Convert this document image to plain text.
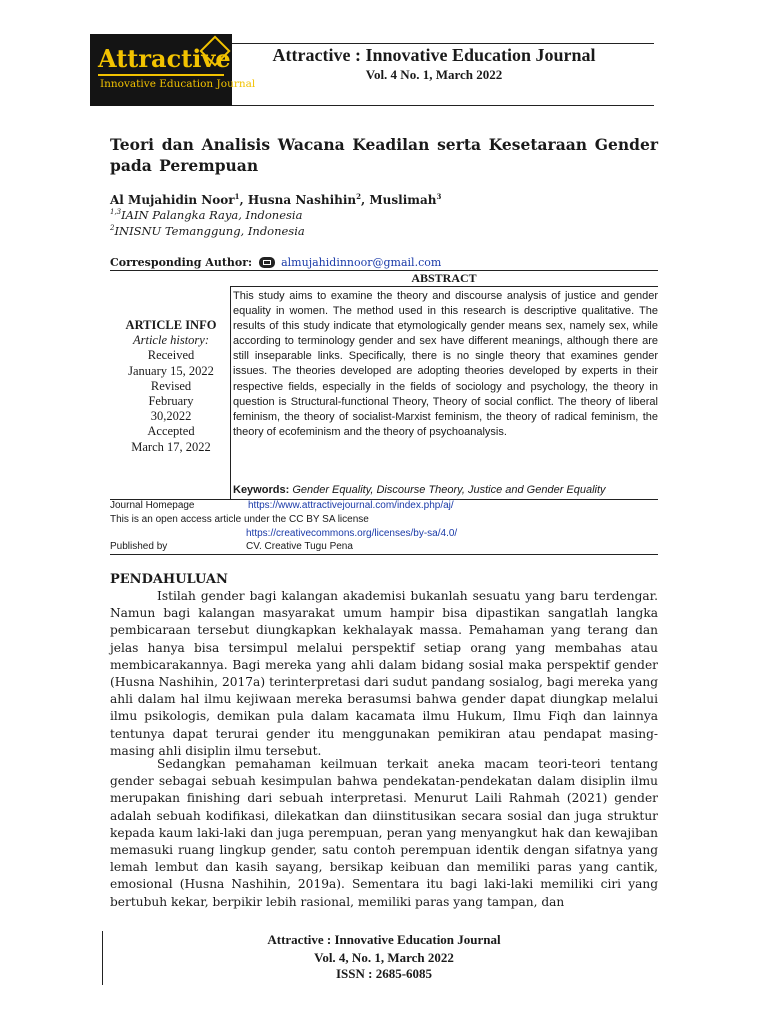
Attractive
Innovative Education Journal
Attractive : Innovative Education Journal
Vol. 4 No. 1, March 2022
Teori dan Analisis Wacana Keadilan serta Kesetaraan Gender pada Perempuan
Al Mujahidin Noor$^1$, Husna Nashihin$^2$, Muslimah$^3$
$^{1,3}$IAIN Palangka Raya, Indonesia
$^2$INISNU Temanggung, Indonesia
Corresponding Author:	almujahidinnoor@gmail.com
ABSTRACT
ARTICLE INFO
Article history:
Received
January 15, 2022
Revised
February
30,2022
Accepted
March 17, 2022
This study aims to examine the theory and discourse analysis of justice and gender equality in women. The method used in this research is descriptive qualitative. The results of this study indicate that etymologically gender means sex, namely sex, while according to terminology gender and sex have different meanings, although there are still inseparable links. Specifically, there is no single theory that examines gender issues. The theories developed are adopting theories developed by experts in their respective fields, especially in the fields of sociology and psychology, the theory in question is Structural-functional Theory, Theory of social conflict. The theory of liberal feminism, the theory of socialist-Marxist feminism, the theory of radical feminism, the theory of ecofeminism and the theory of psychoanalysis.
Keywords: Gender Equality, Discourse Theory, Justice and Gender Equality
Journal Homepage	https://www.attractivejournal.com/index.php/aj/
This is an open access article under the CC BY SA license
https://creativecommons.org/licenses/by-sa/4.0/
Published by	CV. Creative Tugu Pena
PENDAHULUAN

Istilah gender bagi kalangan akademisi bukanlah sesuatu yang baru terdengar. Namun bagi kalangan masyarakat umum hampir bisa dipastikan sangatlah langka pembicaraan tersebut diungkapkan kekhalayak massa. Pemahaman yang terang dan jelas hanya bisa tersimpul melalui perspektif setiap orang yang membahas atau membicarakannya. Bagi mereka yang ahli dalam bidang sosial maka perspektif gender (Husna Nashihin, 2017a) terinterpretasi dari sudut pandang sosialog, bagi mereka yang ahli dalam hal ilmu kejiwaan mereka berasumsi bahwa gender dapat diungkap melalui ilmu psikologis, demikan pula dalam kacamata ilmu Hukum, Ilmu Fiqh dan lainnya tentunya dapat terurai gender itu menggunakan pemikiran atau pendapat masing-masing ahli disiplin ilmu tersebut.

Sedangkan pemahaman keilmuan terkait aneka macam teori-teori tentang gender sebagai sebuah kesimpulan bahwa pendekatan-pendekatan dalam disiplin ilmu merupakan finishing dari sebuah interpretasi. Menurut Laili Rahmah (2021) gender adalah sebuah kodifikasi, dilekatkan dan diinstitusikan secara sosial dan juga struktur kepada kaum laki-laki dan juga perempuan, peran yang menyangkut hak dan kewajiban memasuki ruang lingkup gender, satu contoh perempuan identik dengan sifatnya yang lemah lembut dan kasih sayang, bersikap keibuan dan memiliki paras yang cantik, emosional (Husna Nashihin, 2019a). Sementara itu bagi laki-laki memiliki ciri yang bertubuh kekar, berpikir lebih rasional, memiliki paras yang tampan, dan

Attractive : Innovative Education Journal
Vol. 4, No. 1, March 2022
ISSN : 2685-6085
